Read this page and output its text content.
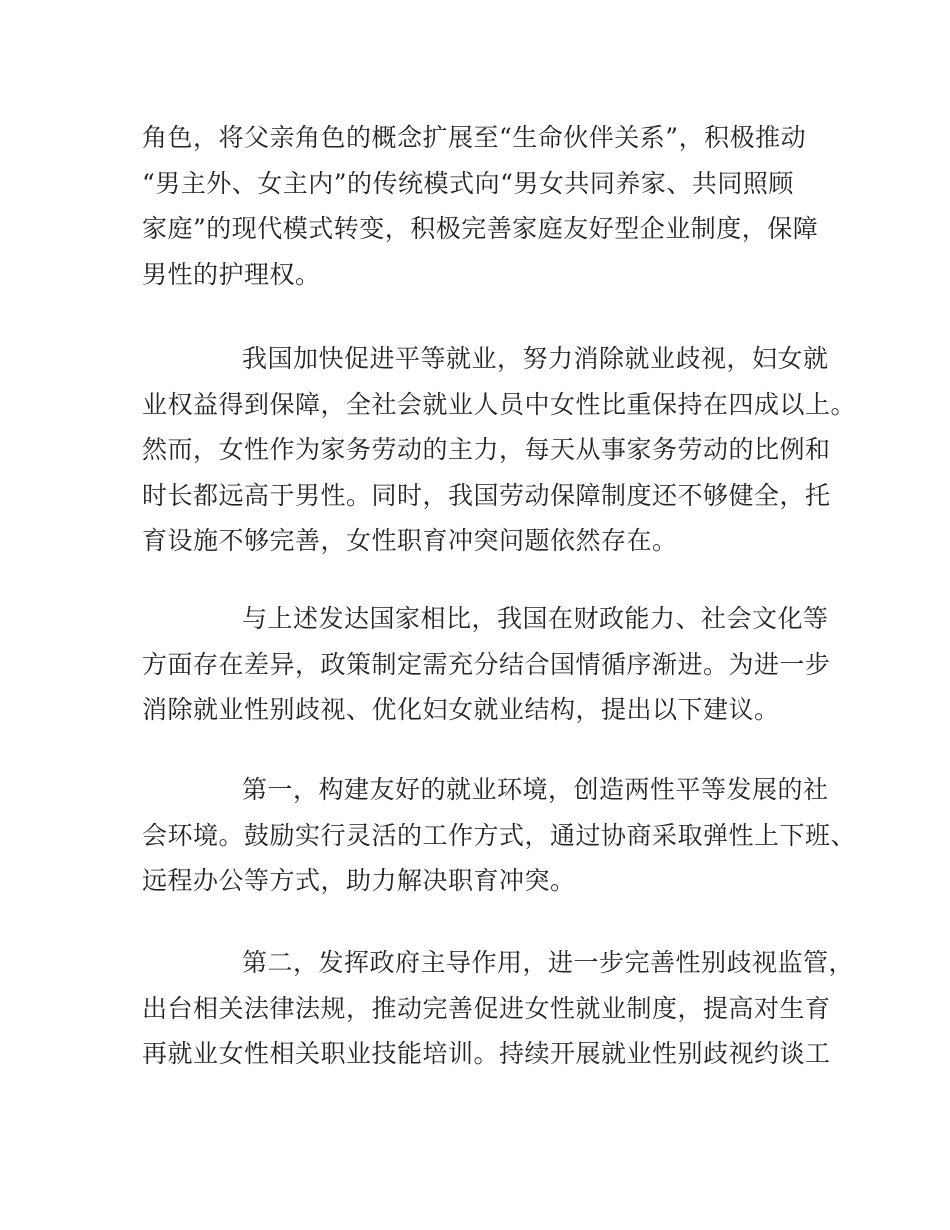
角色，将父亲角色的概念扩展至“生命伙伴关系”，积极推动
“男主外、女主内”的传统模式向“男女共同养家、共同照顾
家庭”的现代模式转变，积极完善家庭友好型企业制度，保障
男性的护理权。
我国加快促进平等就业，努力消除就业歧视，妇女就
业权益得到保障，全社会就业人员中女性比重保持在四成以上。
然而，女性作为家务劳动的主力，每天从事家务劳动的比例和
时长都远高于男性。同时，我国劳动保障制度还不够健全，托
育设施不够完善，女性职育冲突问题依然存在。
与上述发达国家相比，我国在财政能力、社会文化等
方面存在差异，政策制定需充分结合国情循序渐进。为进一步
消除就业性别歧视、优化妇女就业结构，提出以下建议。
第一，构建友好的就业环境，创造两性平等发展的社
会环境。鼓励实行灵活的工作方式，通过协商采取弹性上下班、
远程办公等方式，助力解决职育冲突。
第二，发挥政府主导作用，进一步完善性别歧视监管，
出台相关法律法规，推动完善促进女性就业制度，提高对生育
再就业女性相关职业技能培训。持续开展就业性别歧视约谈工
